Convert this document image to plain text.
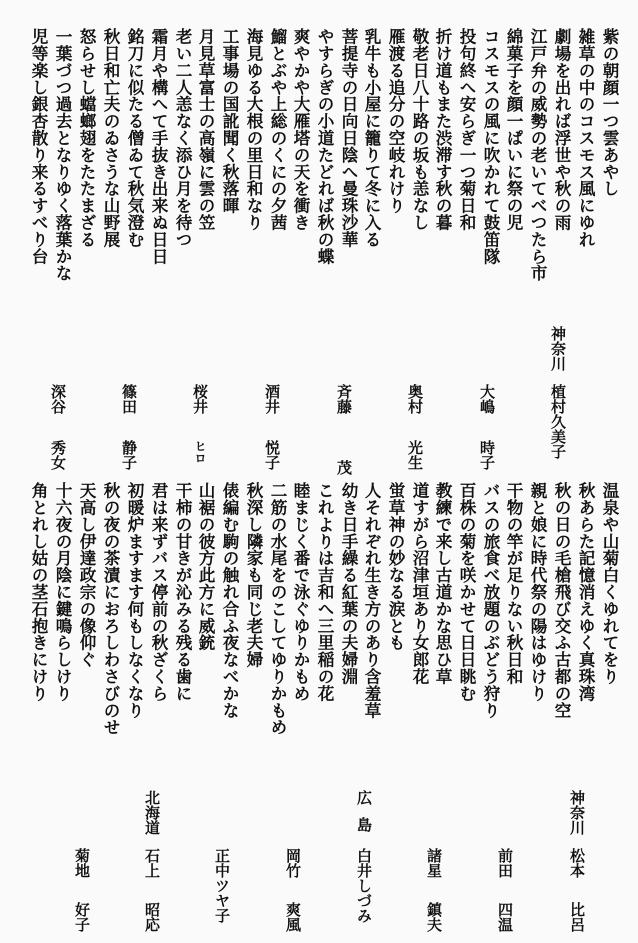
紫の朝顔一つ雲あやし
雑草の中のコスモス風にゆれ
劇場を出れば浮世や秋の雨
江戸弁の威勢の老いてべつたら市
綿菓子を顔一ぱいに祭の児
コスモスの風に吹かれて鼓笛隊
投句終へ安らぎ一つ菊日和
折け道もまた渋滞す秋の暮
敬老日八十路の坂も恙なし
雁渡る追分の空岐れけり
乳牛も小屋に籠りて冬に入る
菩提寺の日向日陰へ曼珠沙華
やすらぎの小道たどれば秋の蝶
爽やかや大雁塔の天を衝き
鰡とぶや上総のくにの夕茜
海見ゆる大根の里日和なり
工事場の国訛聞く秋落暉
月見草富士の高嶺に雲の笠
老い二人恙なく添ひ月を待つ
霜月や構へて手抜き出来ぬ日日
銘刀に似たる僧ゐて秋気澄む
秋日和亡夫のゐさうな山野展
怒らせし蟷螂翅をたたまざる
一葉づつ過去となりゆく落葉かな
児等楽し銀杏散り来るすべり台
神奈川
植村久美子
大嶋
時子
奥村
光生
斉藤
茂
酒井
悦子
桜井
ヒロ
篠田
静子
深谷
秀女
温泉や山菊白くゆれてをり
秋あらた記憶消えゆく真珠湾
秋の日の毛槍飛び交ふ古都の空
親と娘に時代祭の陽はゆけり
干物の竿が足りない秋日和
バスの旅食べ放題のぶどう狩り
百株の菊を咲かせて日日眺む
教練で来し古道かな思ひ草
道すがら沼津垣あり女郎花
蛍草神の妙なる涙とも
人それぞれ生き方のあり含羞草
幼き日手繰る紅葉の夫婦淵
これよりは吉和へ三里稲の花
睦まじく番で泳ぐゆりかもめ
二筋の水尾をのこしてゆりかもめ
秋深し隣家も同じ老夫婦
俵編む駒の触れ合ふ夜なべかな
山裾の彼方此方に威銃
干柿の甘きが沁みる残る歯に
君は来ずバス停前の秋ざくら
初暖炉ますます何もしなくなり
秋の夜の茶漬におろしわさびのせ
天高し伊達政宗の像仰ぐ
十六夜の月陰に鍵鳴らしけり
角とれし姑の茎石抱きにけり
神奈川
松本
比呂
前田
四温
諸星
鎮夫
広島
白井しづみ
岡竹
爽風
正中ツヤ子
北海道
石上
昭応
菊地
好子
